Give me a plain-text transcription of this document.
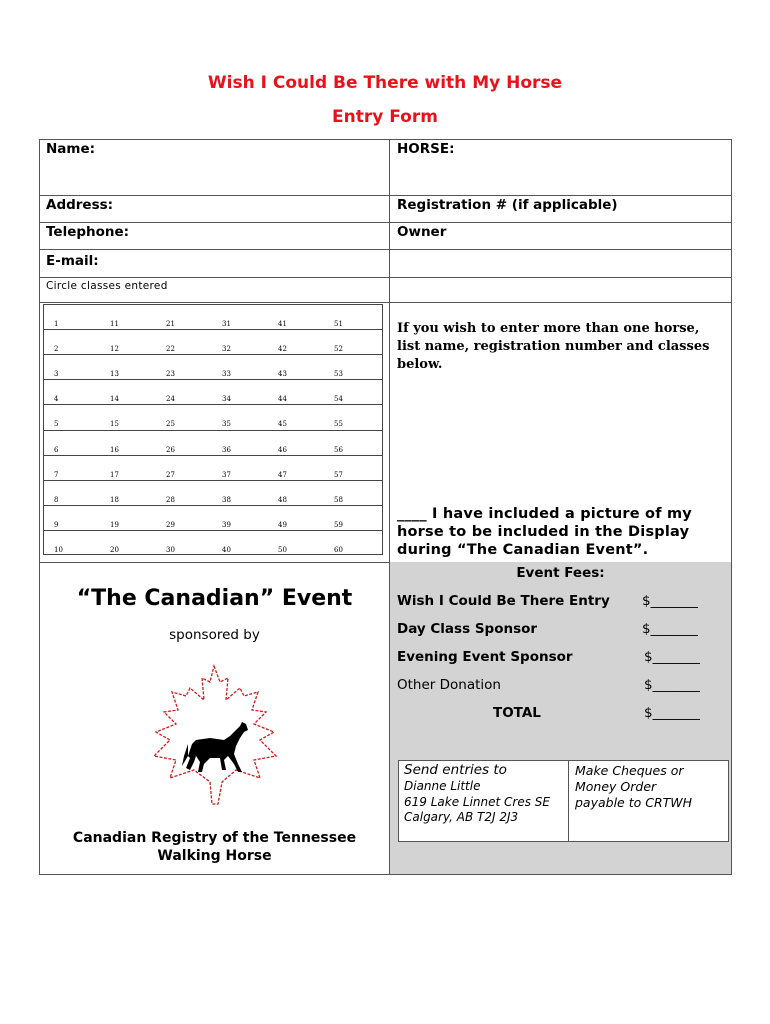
Wish I Could Be There with My Horse
Entry Form
Name:	HORSE:
Address:	Registration # (if applicable)
Telephone:	Owner
E-mail:
Circle classes entered
1	11	21	31	41	51
2	12	22	32	42	52
3	13	23	33	43	53
4	14	24	34	44	54
5	15	25	35	45	55
6	16	26	36	46	56
7	17	27	37	47	57
8	18	28	38	48	58
9	19	29	39	49	59
10	20	30	40	50	60
If you wish to enter more than one horse, list name, registration number and classes below.
____ I have included a picture of my
horse to be included in the Display
during “The Canadian Event”.
“The Canadian” Event
sponsored by
Canadian Registry of the Tennessee
Walking Horse
Event Fees:
Wish I Could Be There Entry $_______
Day Class Sponsor	$_______
Evening Event Sponsor	$_______
Other Donation	$_______
TOTAL	$_______
Send entries to
Dianne Little
619 Lake Linnet Cres SE
Calgary, AB T2J 2J3
Make Cheques or
Money Order
payable to CRTWH
